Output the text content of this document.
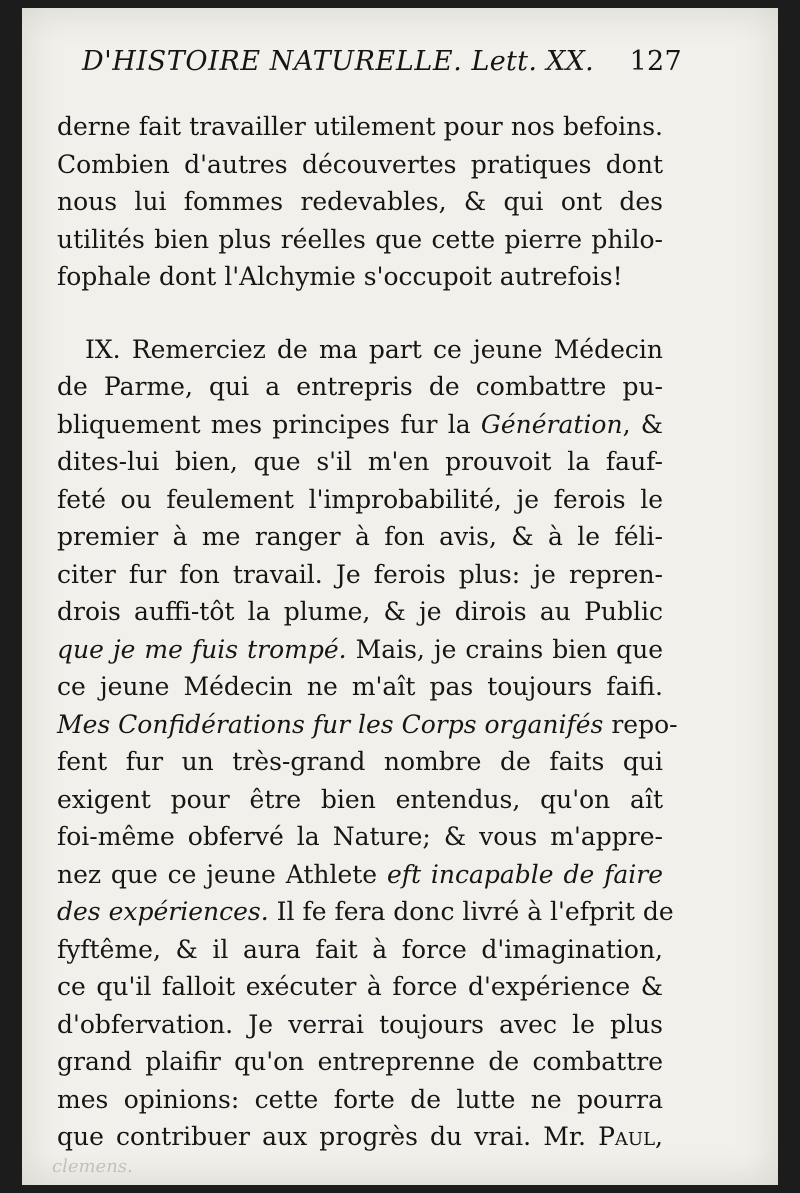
D'HISTOIRE NATURELLE. Lett. XX. 127
derne fait travailler utilement pour nos befoins.
Combien d'autres découvertes pratiques dont
nous lui fommes redevables, & qui ont des
utilités bien plus réelles que cette pierre philo-
fophale dont l'Alchymie s'occupoit autrefois!
IX. Remerciez de ma part ce jeune Médecin
de Parme, qui a entrepris de combattre pu-
bliquement mes principes fur la Génération, &
dites-lui bien, que s'il m'en prouvoit la fauf-
feté ou feulement l'improbabilité, je ferois le
premier à me ranger à fon avis, & à le féli-
citer fur fon travail. Je ferois plus: je repren-
drois auffi-tôt la plume, & je dirois au Public
que je me fuis trompé. Mais, je crains bien que
ce jeune Médecin ne m'aît pas toujours faifi.
Mes Confidérations fur les Corps organifés repo-
fent fur un très-grand nombre de faits qui
exigent pour être bien entendus, qu'on aît
foi-même obfervé la Nature; & vous m'appre-
nez que ce jeune Athlete eft incapable de faire
des expériences. Il fe fera donc livré à l'efprit de
fyftême, & il aura fait à force d'imagination,
ce qu'il falloit exécuter à force d'expérience &
d'obfervation. Je verrai toujours avec le plus
grand plaifir qu'on entreprenne de combattre
mes opinions: cette forte de lutte ne pourra
que contribuer aux progrès du vrai. Mr. Paul,
clemens.
